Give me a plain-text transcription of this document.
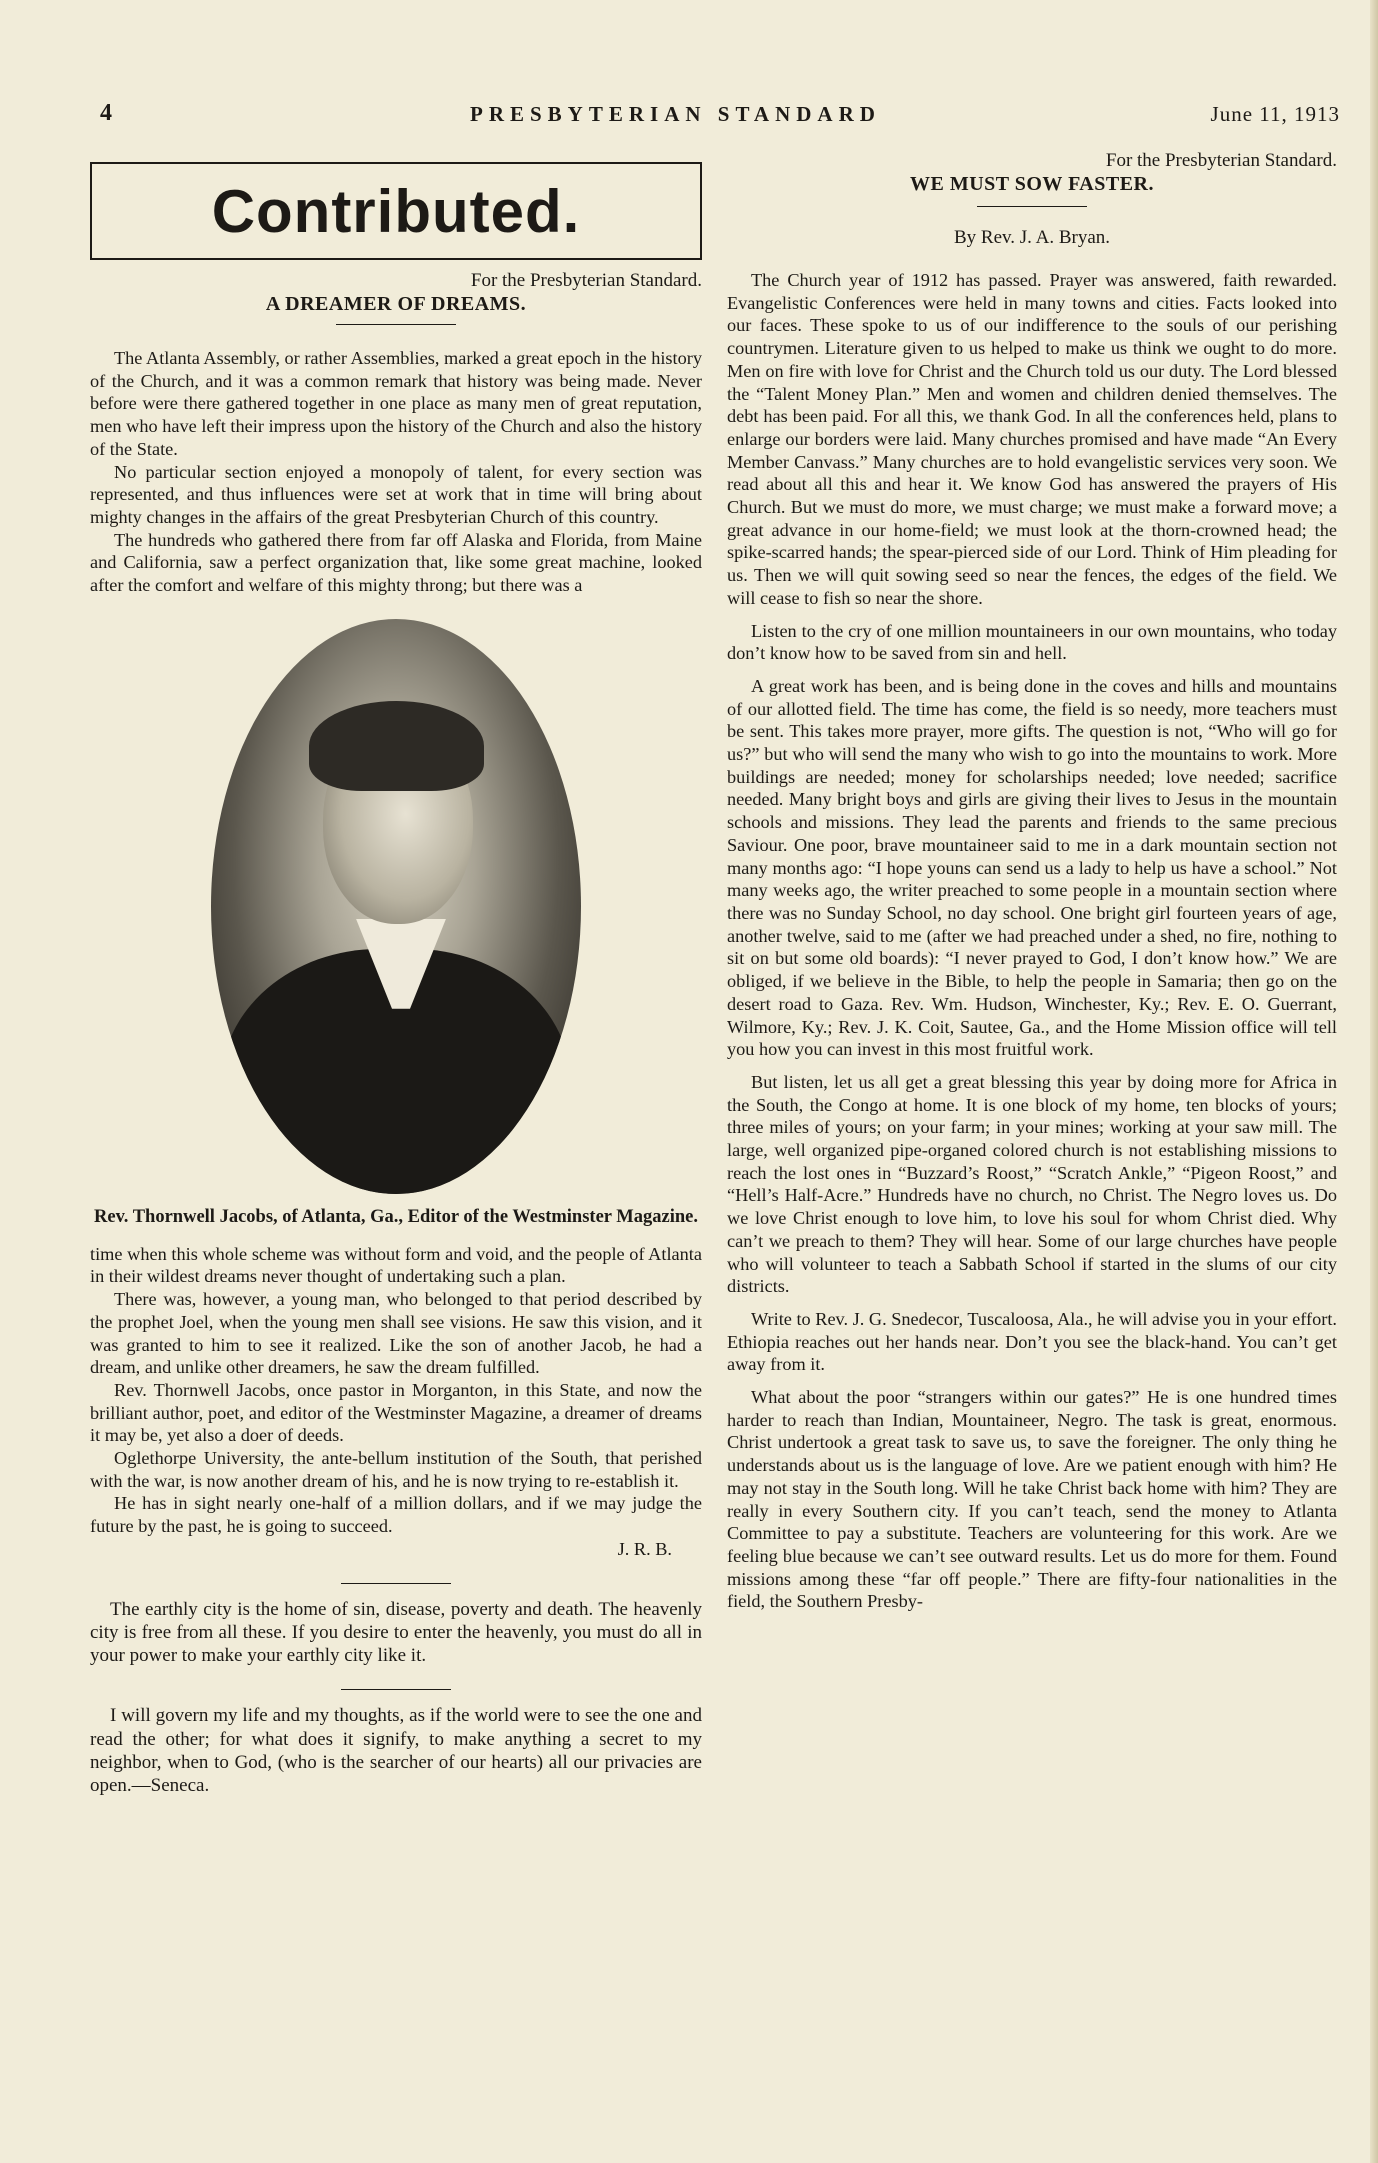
4	PRESBYTERIAN STANDARD	June 11, 1913
Contributed.
For the Presbyterian Standard.
A DREAMER OF DREAMS.

The Atlanta Assembly, or rather Assemblies, marked a great epoch in the history of the Church, and it was a common remark that history was being made. Never before were there gathered together in one place as many men of great reputation, men who have left their impress upon the history of the Church and also the history of the State.

No particular section enjoyed a monopoly of talent, for every section was represented, and thus influences were set at work that in time will bring about mighty changes in the affairs of the great Presbyterian Church of this country.

The hundreds who gathered there from far off Alaska and Florida, from Maine and California, saw a perfect organization that, like some great machine, looked after the comfort and welfare of this mighty throng; but there was a

Rev. Thornwell Jacobs, of Atlanta, Ga., Editor of the Westminster Magazine.

time when this whole scheme was without form and void, and the people of Atlanta in their wildest dreams never thought of undertaking such a plan.

There was, however, a young man, who belonged to that period described by the prophet Joel, when the young men shall see visions. He saw this vision, and it was granted to him to see it realized. Like the son of another Jacob, he had a dream, and unlike other dreamers, he saw the dream fulfilled.

Rev. Thornwell Jacobs, once pastor in Morganton, in this State, and now the brilliant author, poet, and editor of the Westminster Magazine, a dreamer of dreams it may be, yet also a doer of deeds.

Oglethorpe University, the ante-bellum institution of the South, that perished with the war, is now another dream of his, and he is now trying to re-establish it.

He has in sight nearly one-half of a million dollars, and if we may judge the future by the past, he is going to succeed.

J. R. B.

The earthly city is the home of sin, disease, poverty and death. The heavenly city is free from all these. If you desire to enter the heavenly, you must do all in your power to make your earthly city like it.

I will govern my life and my thoughts, as if the world were to see the one and read the other; for what does it signify, to make anything a secret to my neighbor, when to God, (who is the searcher of our hearts) all our privacies are open.—Seneca.

For the Presbyterian Standard.
WE MUST SOW FASTER.
By Rev. J. A. Bryan.

The Church year of 1912 has passed. Prayer was answered, faith rewarded. Evangelistic Conferences were held in many towns and cities. Facts looked into our faces. These spoke to us of our indifference to the souls of our perishing countrymen. Literature given to us helped to make us think we ought to do more. Men on fire with love for Christ and the Church told us our duty. The Lord blessed the “Talent Money Plan.” Men and women and children denied themselves. The debt has been paid. For all this, we thank God. In all the conferences held, plans to enlarge our borders were laid. Many churches promised and have made “An Every Member Canvass.” Many churches are to hold evangelistic services very soon. We read about all this and hear it. We know God has answered the prayers of His Church. But we must do more, we must charge; we must make a forward move; a great advance in our home-field; we must look at the thorn-crowned head; the spike-scarred hands; the spear-pierced side of our Lord. Think of Him pleading for us. Then we will quit sowing seed so near the fences, the edges of the field. We will cease to fish so near the shore.

Listen to the cry of one million mountaineers in our own mountains, who today don’t know how to be saved from sin and hell.

A great work has been, and is being done in the coves and hills and mountains of our allotted field. The time has come, the field is so needy, more teachers must be sent. This takes more prayer, more gifts. The question is not, “Who will go for us?” but who will send the many who wish to go into the mountains to work. More buildings are needed; money for scholarships needed; love needed; sacrifice needed. Many bright boys and girls are giving their lives to Jesus in the mountain schools and missions. They lead the parents and friends to the same precious Saviour. One poor, brave mountaineer said to me in a dark mountain section not many months ago: “I hope youns can send us a lady to help us have a school.” Not many weeks ago, the writer preached to some people in a mountain section where there was no Sunday School, no day school. One bright girl fourteen years of age, another twelve, said to me (after we had preached under a shed, no fire, nothing to sit on but some old boards): “I never prayed to God, I don’t know how.” We are obliged, if we believe in the Bible, to help the people in Samaria; then go on the desert road to Gaza. Rev. Wm. Hudson, Winchester, Ky.; Rev. E. O. Guerrant, Wilmore, Ky.; Rev. J. K. Coit, Sautee, Ga., and the Home Mission office will tell you how you can invest in this most fruitful work.

But listen, let us all get a great blessing this year by doing more for Africa in the South, the Congo at home. It is one block of my home, ten blocks of yours; three miles of yours; on your farm; in your mines; working at your saw mill. The large, well organized pipe-organed colored church is not establishing missions to reach the lost ones in “Buzzard’s Roost,” “Scratch Ankle,” “Pigeon Roost,” and “Hell’s Half-Acre.” Hundreds have no church, no Christ. The Negro loves us. Do we love Christ enough to love him, to love his soul for whom Christ died. Why can’t we preach to them? They will hear. Some of our large churches have people who will volunteer to teach a Sabbath School if started in the slums of our city districts.

Write to Rev. J. G. Snedecor, Tuscaloosa, Ala., he will advise you in your effort. Ethiopia reaches out her hands near. Don’t you see the black-hand. You can’t get away from it.

What about the poor “strangers within our gates?” He is one hundred times harder to reach than Indian, Mountaineer, Negro. The task is great, enormous. Christ undertook a great task to save us, to save the foreigner. The only thing he understands about us is the language of love. Are we patient enough with him? He may not stay in the South long. Will he take Christ back home with him? They are really in every Southern city. If you can’t teach, send the money to Atlanta Committee to pay a substitute. Teachers are volunteering for this work. Are we feeling blue because we can’t see outward results. Let us do more for them. Found missions among these “far off people.” There are fifty-four nationalities in the field, the Southern Presby-
